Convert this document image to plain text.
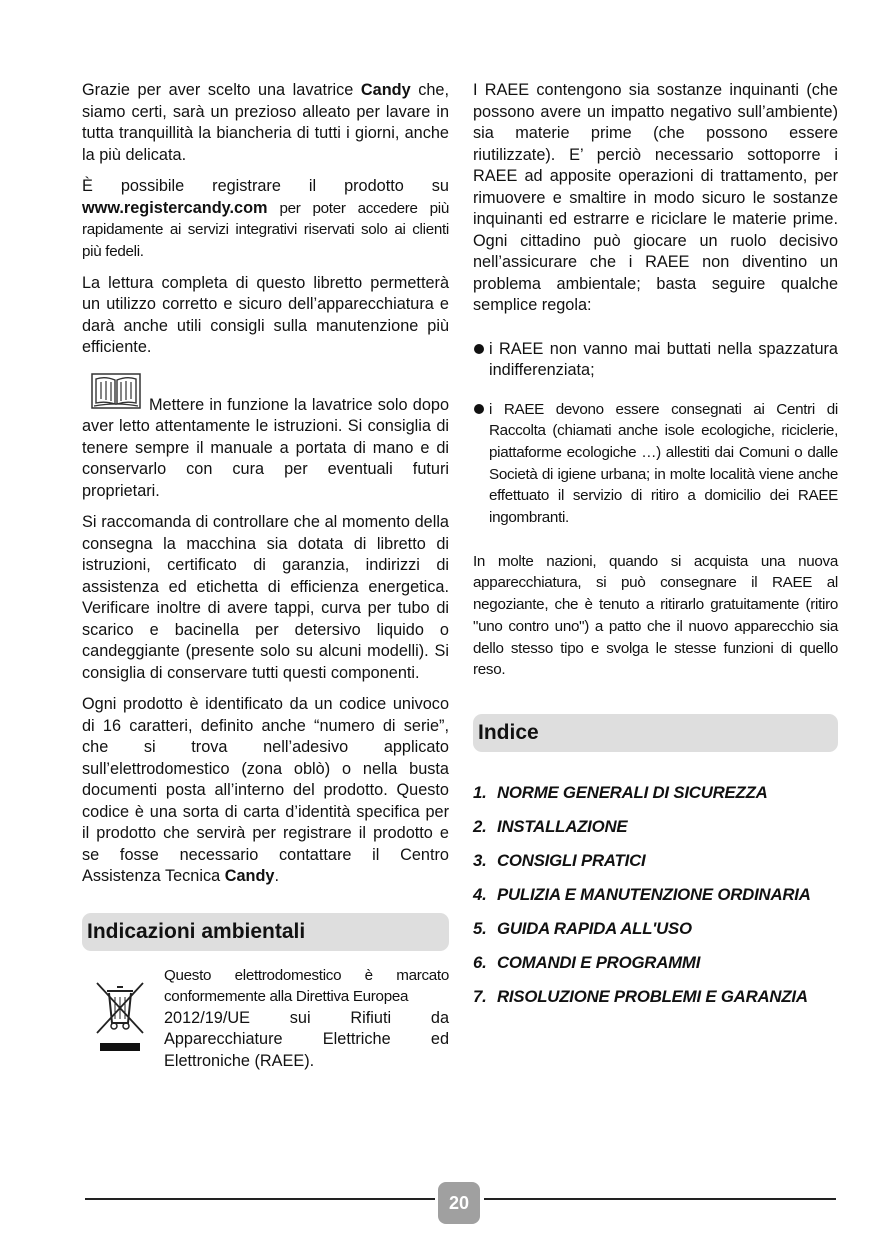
Grazie per aver scelto una lavatrice Candy che, siamo certi, sarà un prezioso alleato per lavare in tutta tranquillità la biancheria di tutti i giorni, anche la più delicata.

È possibile registrare il prodotto su www.registercandy.com per poter accedere più rapidamente ai servizi integrativi riservati solo ai clienti più fedeli.

La lettura completa di questo libretto permetterà un utilizzo corretto e sicuro dell’apparecchiatura e darà anche utili consigli sulla manutenzione più efficiente.

Mettere in funzione la lavatrice solo dopo aver letto attentamente le istruzioni. Si consiglia di tenere sempre il manuale a portata di mano e di conservarlo con cura per eventuali futuri proprietari.

Si raccomanda di controllare che al momento della consegna la macchina sia dotata di libretto di istruzioni, certificato di garanzia, indirizzi di assistenza ed etichetta di efficienza energetica. Verificare inoltre di avere tappi, curva per tubo di scarico e bacinella per detersivo liquido o candeggiante (presente solo su alcuni modelli). Si consiglia di conservare tutti questi componenti.

Ogni prodotto è identificato da un codice univoco di 16 caratteri, definito anche “numero di serie”, che si trova nell’adesivo applicato sull’elettrodomestico (zona oblò) o nella busta documenti posta all’interno del prodotto. Questo codice è una sorta di carta d’identità specifica per il prodotto che servirà per registrare il prodotto e se fosse necessario contattare il Centro Assistenza Tecnica Candy.

Indicazioni ambientali

Questo elettrodomestico è marcato conformemente alla Direttiva Europea

2012/19/UE sui Rifiuti da Apparecchiature Elettriche ed Elettroniche (RAEE).

I RAEE contengono sia sostanze inquinanti (che possono avere un impatto negativo sull’ambiente) sia materie prime (che possono essere riutilizzate). E’ perciò necessario sottoporre i RAEE ad apposite operazioni di trattamento, per rimuovere e smaltire in modo sicuro le sostanze inquinanti ed estrarre e riciclare le materie prime. Ogni cittadino può giocare un ruolo decisivo nell’assicurare che i RAEE non diventino un problema ambientale; basta seguire qualche semplice regola:

i RAEE non vanno mai buttati nella spazzatura indifferenziata;

i RAEE devono essere consegnati ai Centri di Raccolta (chiamati anche isole ecologiche, riciclerie, piattaforme ecologiche …) allestiti dai Comuni o dalle Società di igiene urbana; in molte località viene anche effettuato il servizio di ritiro a domicilio dei RAEE ingombranti.

In molte nazioni, quando si acquista una nuova apparecchiatura, si può consegnare il RAEE al negoziante, che è tenuto a ritirarlo gratuitamente (ritiro "uno contro uno") a patto che il nuovo apparecchio sia dello stesso tipo e svolga le stesse funzioni di quello reso.

Indice
1. NORME GENERALI DI SICUREZZA
2. INSTALLAZIONE
3. CONSIGLI PRATICI
4. PULIZIA E MANUTENZIONE ORDINARIA
5. GUIDA RAPIDA ALL'USO
6. COMANDI E PROGRAMMI
7. RISOLUZIONE PROBLEMI E GARANZIA
20
